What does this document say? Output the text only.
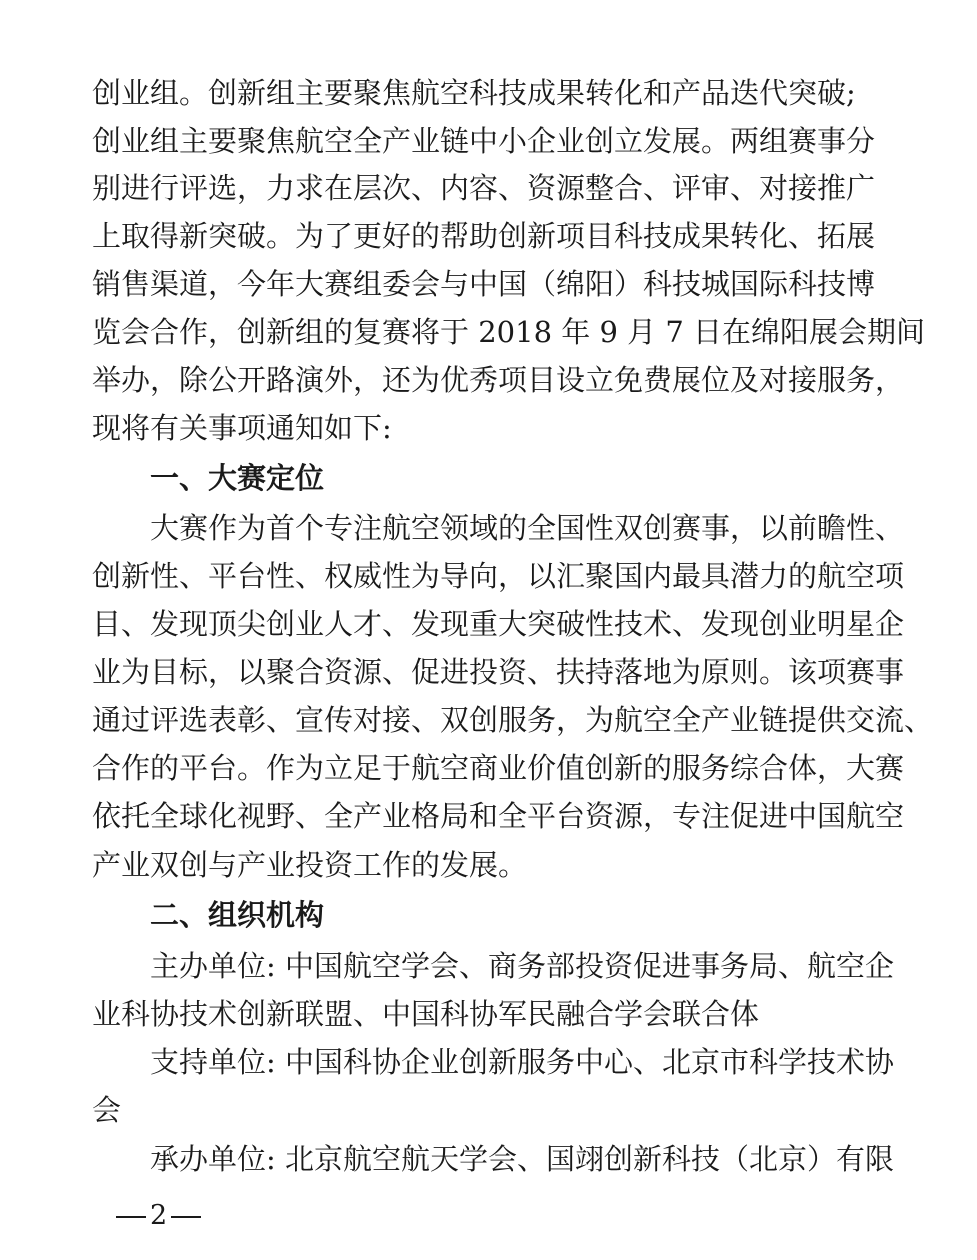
创业组。创新组主要聚焦航空科技成果转化和产品迭代突破;
创业组主要聚焦航空全产业链中小企业创立发展。两组赛事分
别进行评选，力求在层次、内容、资源整合、评审、对接推广
上取得新突破。为了更好的帮助创新项目科技成果转化、拓展
销售渠道，今年大赛组委会与中国（绵阳）科技城国际科技博
览会合作，创新组的复赛将于 2018 年 9 月 7 日在绵阳展会期间
举办，除公开路演外，还为优秀项目设立免费展位及对接服务，
现将有关事项通知如下:
一、大赛定位
大赛作为首个专注航空领域的全国性双创赛事，以前瞻性、
创新性、平台性、权威性为导向，以汇聚国内最具潜力的航空项
目、发现顶尖创业人才、发现重大突破性技术、发现创业明星企
业为目标，以聚合资源、促进投资、扶持落地为原则。该项赛事
通过评选表彰、宣传对接、双创服务，为航空全产业链提供交流、
合作的平台。作为立足于航空商业价值创新的服务综合体，大赛
依托全球化视野、全产业格局和全平台资源，专注促进中国航空
产业双创与产业投资工作的发展。
二、组织机构
主办单位: 中国航空学会、商务部投资促进事务局、航空企
业科协技术创新联盟、中国科协军民融合学会联合体
支持单位: 中国科协企业创新服务中心、北京市科学技术协
会
承办单位: 北京航空航天学会、国翊创新科技（北京）有限
2
